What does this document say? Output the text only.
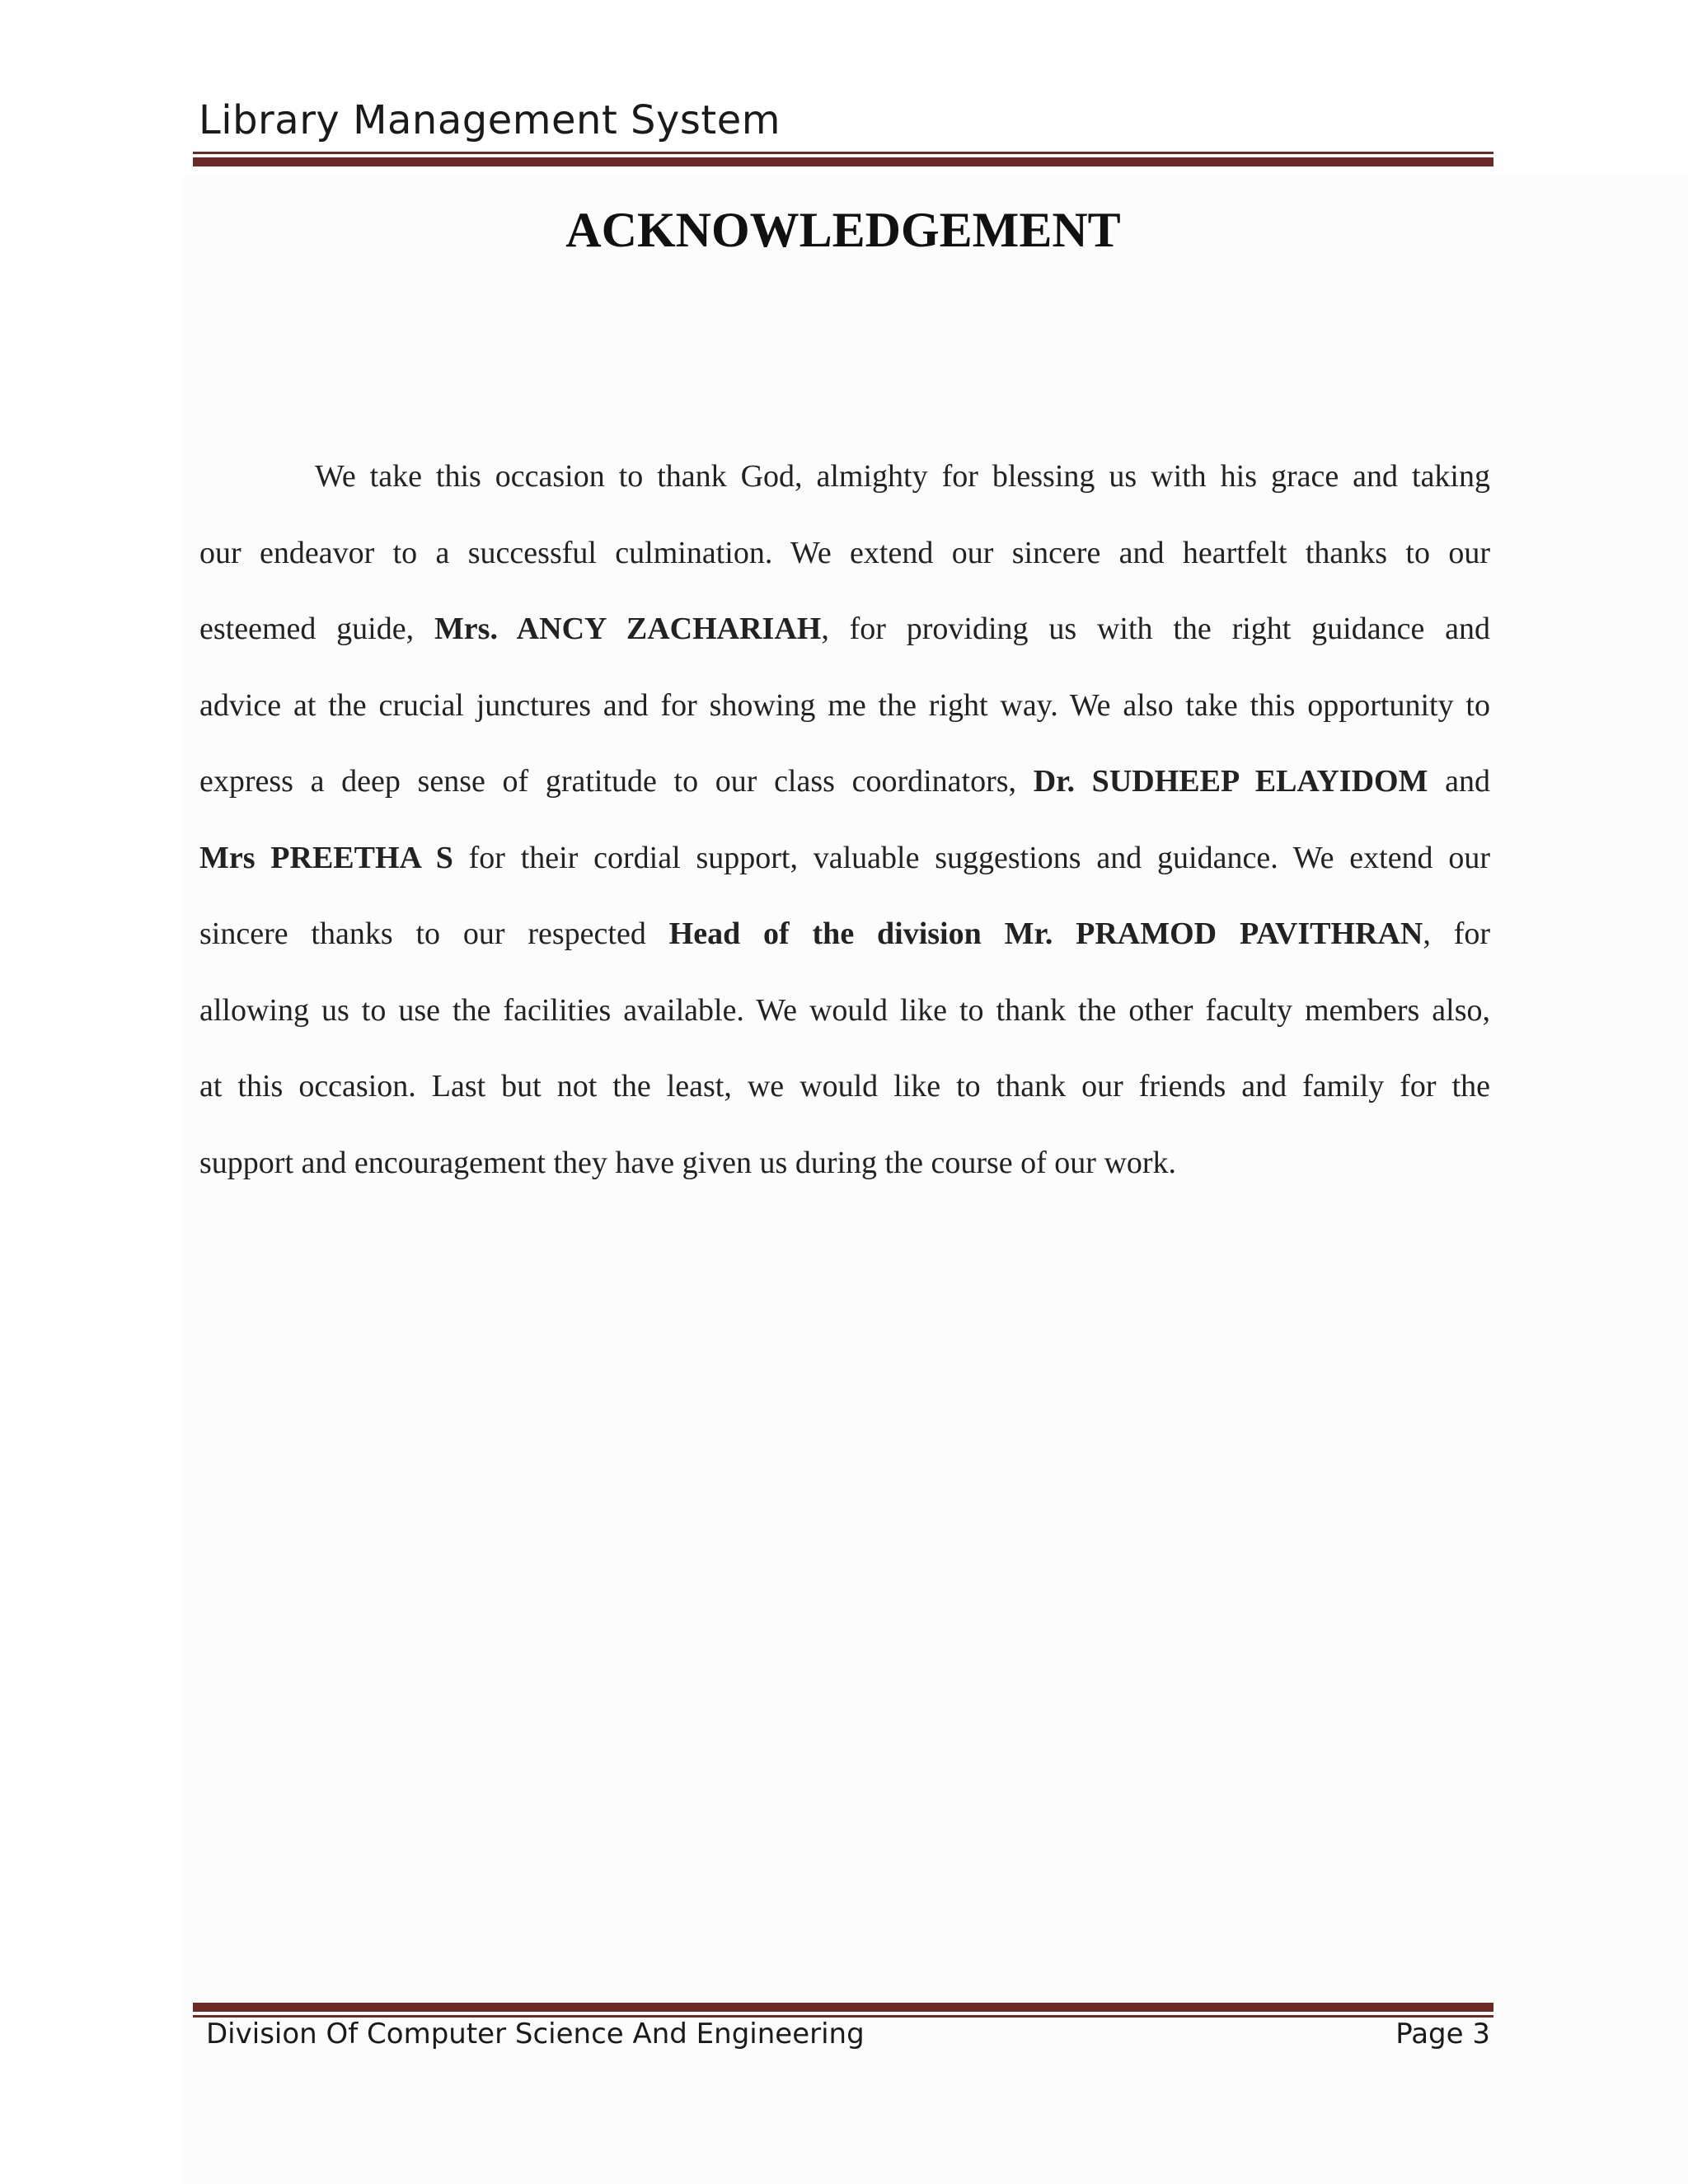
Library Management System
ACKNOWLEDGEMENT
We take this occasion to thank God, almighty for blessing us with his grace and taking
our endeavor to a successful culmination. We extend our sincere and heartfelt thanks to our
esteemed guide, Mrs. ANCY ZACHARIAH, for providing us with the right guidance and
advice at the crucial junctures and for showing me the right way. We also take this opportunity to
express a deep sense of gratitude to our class coordinators, Dr. SUDHEEP ELAYIDOM and
Mrs PREETHA S for their cordial support, valuable suggestions and guidance. We extend our
sincere thanks to our respected Head of the division Mr. PRAMOD PAVITHRAN, for
allowing us to use the facilities available. We would like to thank the other faculty members also,
at this occasion. Last but not the least, we would like to thank our friends and family for the
support and encouragement they have given us during the course of our work.
Division Of Computer Science And Engineering	Page 3
